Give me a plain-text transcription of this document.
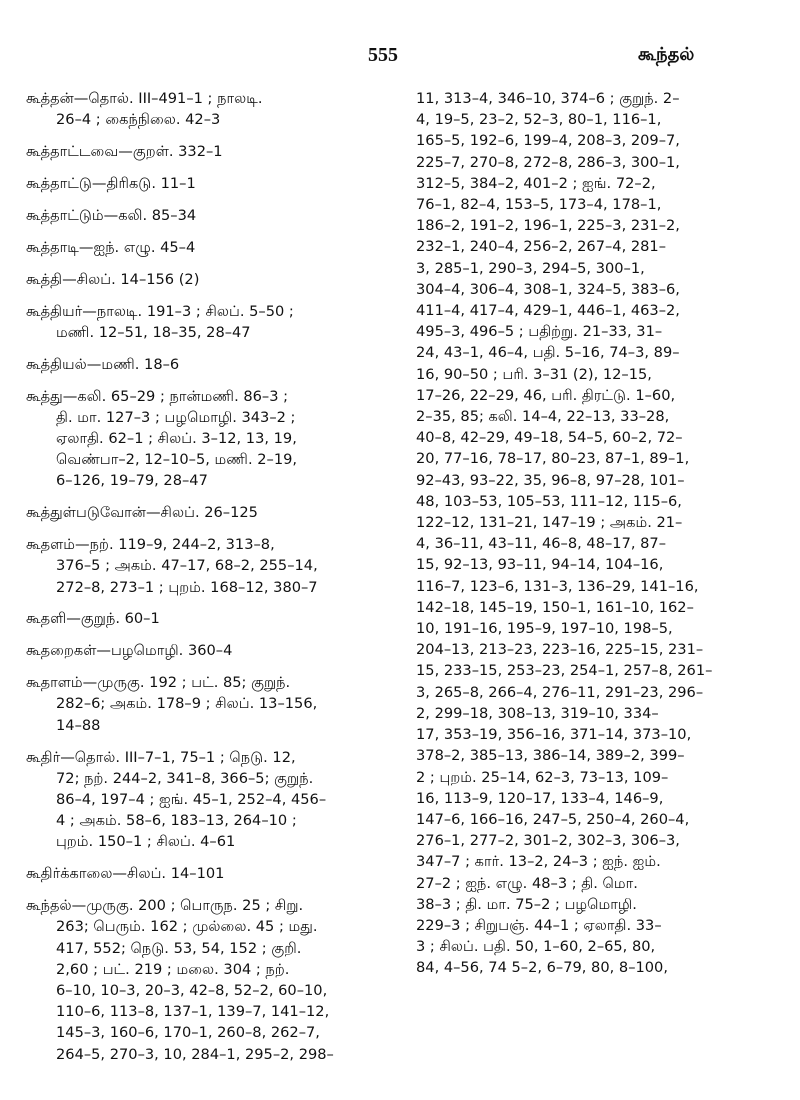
555	கூந்தல்
கூத்தன்—தொல். III–491–1 ; நாலடி.
26–4 ; கைந்நிலை. 42–3
கூத்தாட்டவை—குறள். 332–1
கூத்தாட்டு—திரிகடு. 11–1
கூத்தாட்டும்—கலி. 85–34
கூத்தாடி—ஐந். எழு. 45–4
கூத்தி—சிலப். 14–156 (2)
கூத்தியர்—நாலடி. 191–3 ; சிலப். 5–50 ;
மணி. 12–51, 18–35, 28–47
கூத்தியல்—மணி. 18–6
கூத்து—கலி. 65–29 ; நான்மணி. 86–3 ;
தி. மா. 127–3 ; பழமொழி. 343–2 ;
ஏலாதி. 62–1 ; சிலப். 3–12, 13, 19,
வெண்பா–2, 12–10–5, மணி. 2–19,
6–126, 19–79, 28–47
கூத்துள்படுவோன்—சிலப். 26–125
கூதளம்—நற். 119–9, 244–2, 313–8,
376–5 ; அகம். 47–17, 68–2, 255–14,
272–8, 273–1 ; புறம். 168–12, 380–7
கூதளி—குறுந். 60–1
கூதறைகள்—பழமொழி. 360–4
கூதாளம்—முருகு. 192 ; பட். 85; குறுந்.
282–6; அகம். 178–9 ; சிலப். 13–156,
14–88
கூதிர்—தொல். III–7–1, 75–1 ; நெடு. 12,
72; நற். 244–2, 341–8, 366–5; குறுந்.
86–4, 197–4 ; ஐங். 45–1, 252–4, 456–
4 ; அகம். 58–6, 183–13, 264–10 ;
புறம். 150–1 ; சிலப். 4–61
கூதிர்க்காலை—சிலப். 14–101
கூந்தல்—முருகு. 200 ; பொருந. 25 ; சிறு.
263; பெரும். 162 ; முல்லை. 45 ; மது.
417, 552; நெடு. 53, 54, 152 ; குறி.
2,60 ; பட். 219 ; மலை. 304 ; நற்.
6–10, 10–3, 20–3, 42–8, 52–2, 60–10,
110–6, 113–8, 137–1, 139–7, 141–12,
145–3, 160–6, 170–1, 260–8, 262–7,
264–5, 270–3, 10, 284–1, 295–2, 298–
11, 313–4, 346–10, 374–6 ; குறுந். 2–
4, 19–5, 23–2, 52–3, 80–1, 116–1,
165–5, 192–6, 199–4, 208–3, 209–7,
225–7, 270–8, 272–8, 286–3, 300–1,
312–5, 384–2, 401–2 ; ஐங். 72–2,
76–1, 82–4, 153–5, 173–4, 178–1,
186–2, 191–2, 196–1, 225–3, 231–2,
232–1, 240–4, 256–2, 267–4, 281–
3, 285–1, 290–3, 294–5, 300–1,
304–4, 306–4, 308–1, 324–5, 383–6,
411–4, 417–4, 429–1, 446–1, 463–2,
495–3, 496–5 ; பதிற்று. 21–33, 31–
24, 43–1, 46–4, பதி. 5–16, 74–3, 89–
16, 90–50 ; பரி. 3–31 (2), 12–15,
17–26, 22–29, 46, பரி. திரட்டு. 1–60,
2–35, 85; கலி. 14–4, 22–13, 33–28,
40–8, 42–29, 49–18, 54–5, 60–2, 72–
20, 77–16, 78–17, 80–23, 87–1, 89–1,
92–43, 93–22, 35, 96–8, 97–28, 101–
48, 103–53, 105–53, 111–12, 115–6,
122–12, 131–21, 147–19 ; அகம். 21–
4, 36–11, 43–11, 46–8, 48–17, 87–
15, 92–13, 93–11, 94–14, 104–16,
116–7, 123–6, 131–3, 136–29, 141–16,
142–18, 145–19, 150–1, 161–10, 162–
10, 191–16, 195–9, 197–10, 198–5,
204–13, 213–23, 223–16, 225–15, 231–
15, 233–15, 253–23, 254–1, 257–8, 261–
3, 265–8, 266–4, 276–11, 291–23, 296–
2, 299–18, 308–13, 319–10, 334–
17, 353–19, 356–16, 371–14, 373–10,
378–2, 385–13, 386–14, 389–2, 399–
2 ; புறம். 25–14, 62–3, 73–13, 109–
16, 113–9, 120–17, 133–4, 146–9,
147–6, 166–16, 247–5, 250–4, 260–4,
276–1, 277–2, 301–2, 302–3, 306–3,
347–7 ; கார். 13–2, 24–3 ; ஐந். ஐம்.
27–2 ; ஐந். எழு. 48–3 ; தி. மொ.
38–3 ; தி. மா. 75–2 ; பழமொழி.
229–3 ; சிறுபஞ். 44–1 ; ஏலாதி. 33–
3 ; சிலப். பதி. 50, 1–60, 2–65, 80,
84, 4–56, 74 5–2, 6–79, 80, 8–100,
